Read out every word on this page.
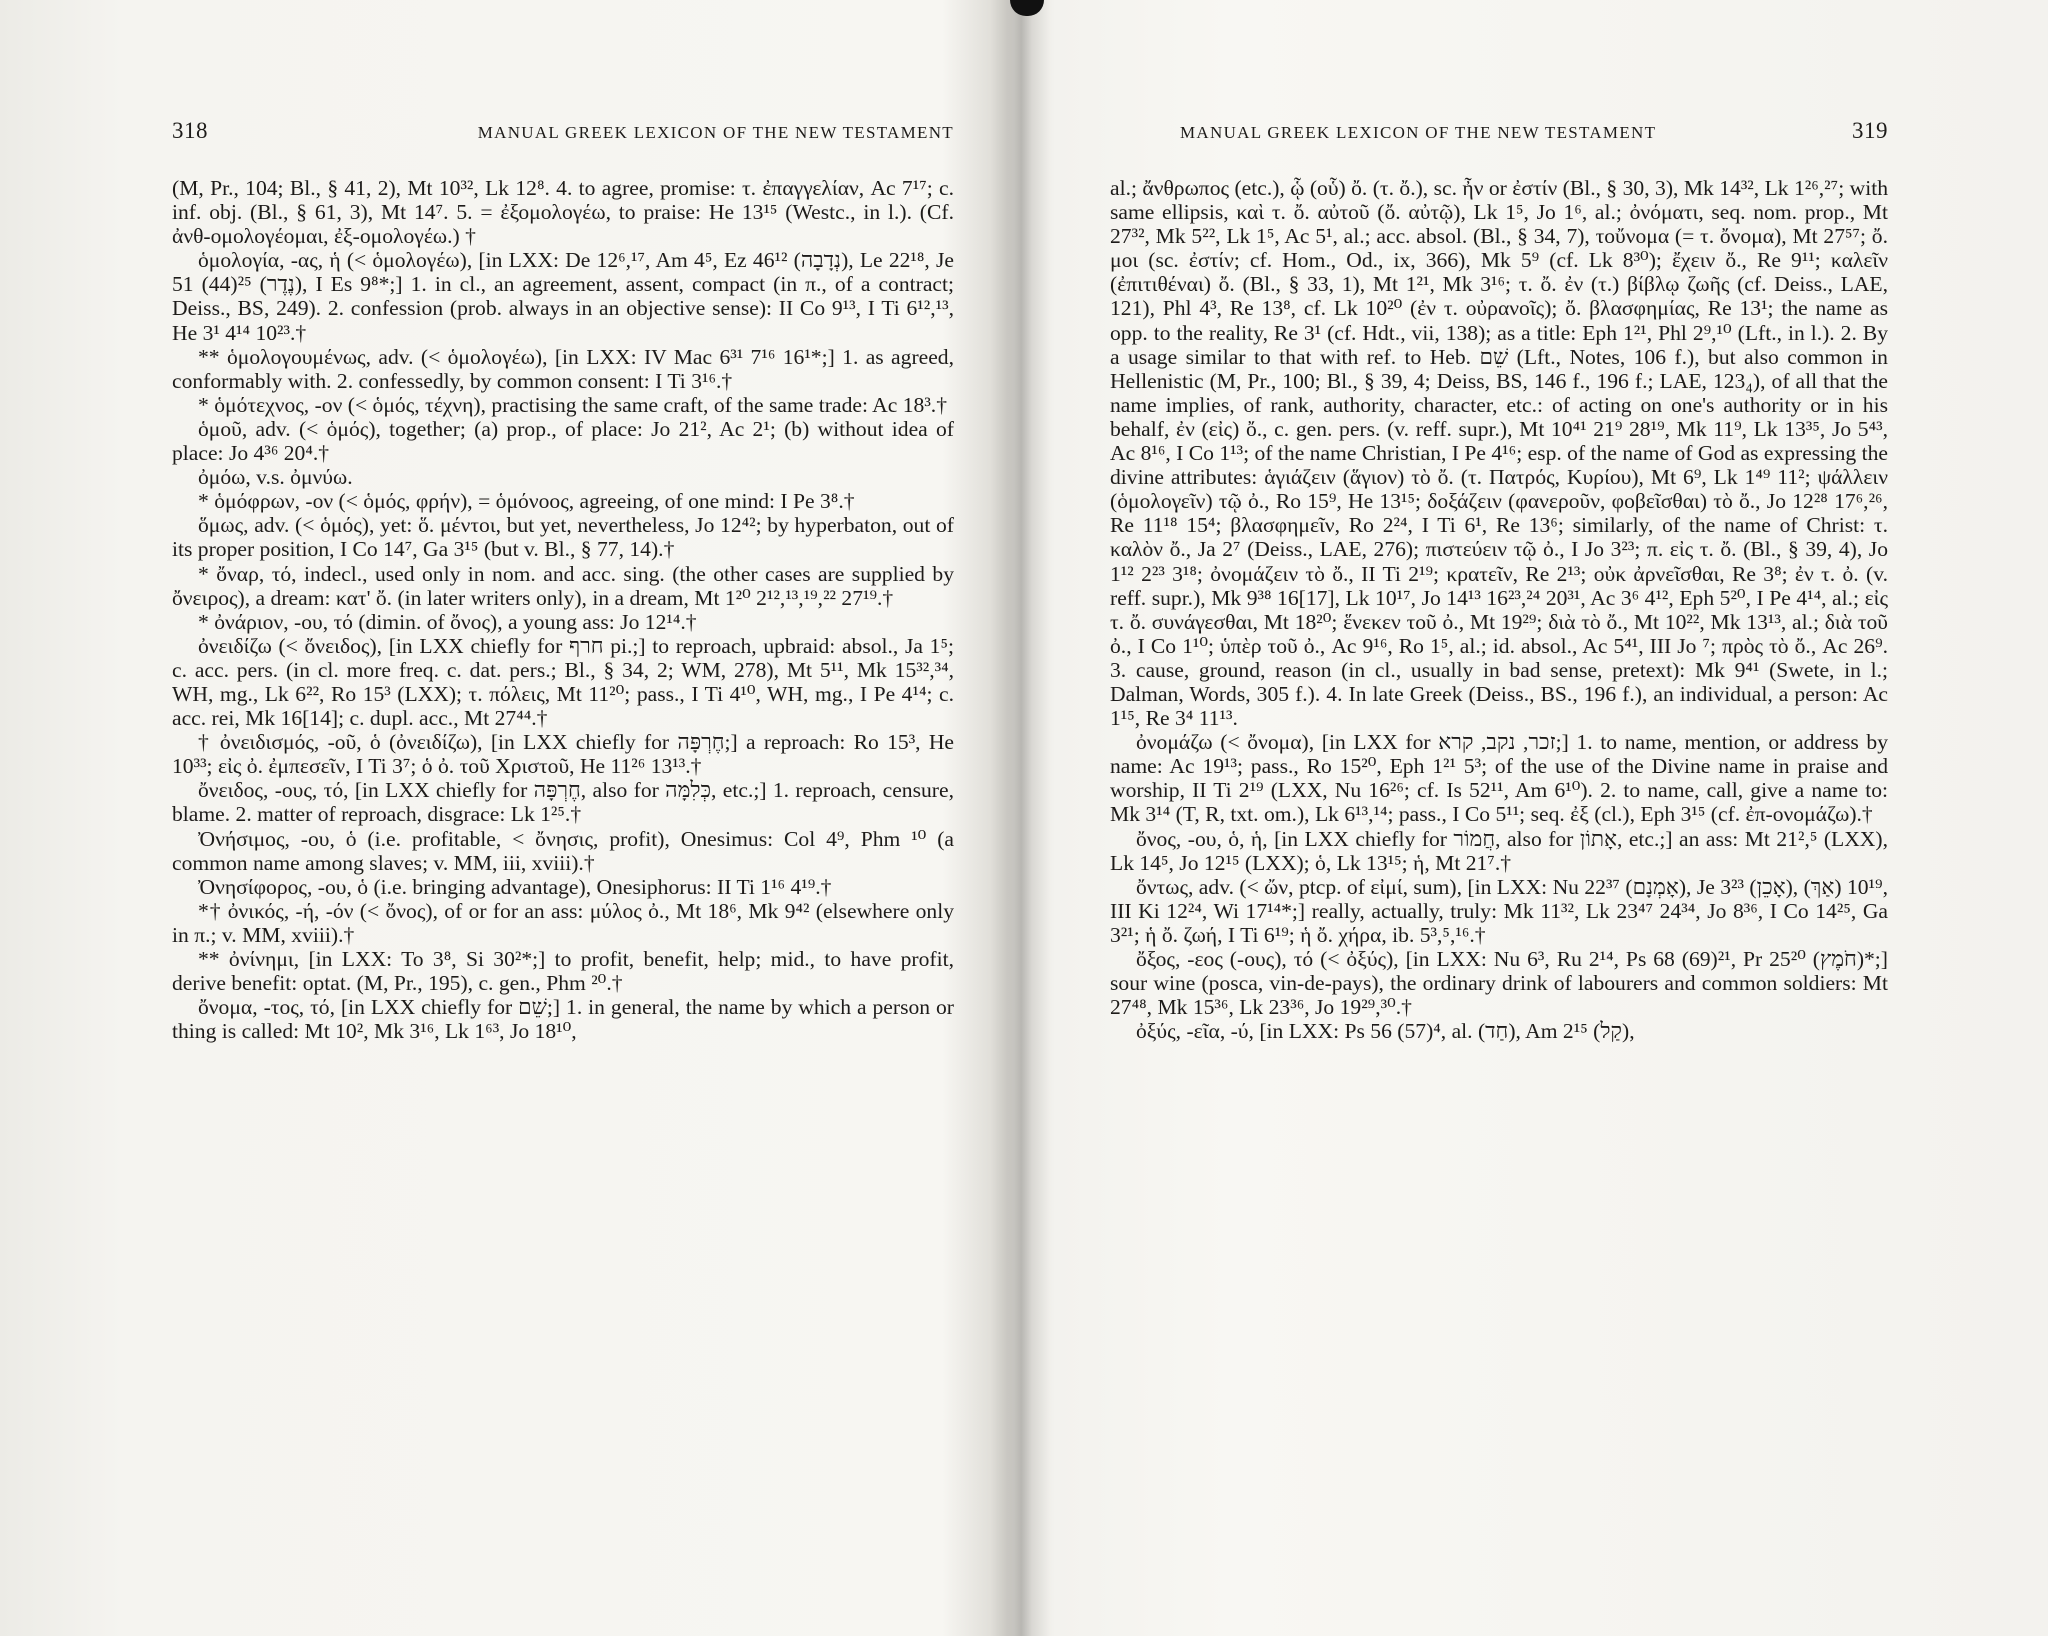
318	MANUAL GREEK LEXICON OF THE NEW TESTAMENT

(M, Pr., 104; Bl., § 41, 2), Mt 10³², Lk 12⁸. 4. to agree, promise: τ. ἐπαγγελίαν, Ac 7¹⁷; c. inf. obj. (Bl., § 61, 3), Mt 14⁷. 5. = ἐξομολογέω, to praise: He 13¹⁵ (Westc., in l.). (Cf. ἀνθ-ομολογέομαι, ἐξ-ομολογέω.) †

ὁμολογία, -ας, ἡ (< ὁμολογέω), [in LXX: De 12⁶,¹⁷, Am 4⁵, Ez 46¹² (נְדָבָה), Le 22¹⁸, Je 51 (44)²⁵ (נֶדֶר), I Es 9⁸*;] 1. in cl., an agreement, assent, compact (in π., of a contract; Deiss., BS, 249). 2. confession (prob. always in an objective sense): II Co 9¹³, I Ti 6¹²,¹³, He 3¹ 4¹⁴ 10²³.†

** ὁμολογουμένως, adv. (< ὁμολογέω), [in LXX: IV Mac 6³¹ 7¹⁶ 16¹*;] 1. as agreed, conformably with. 2. confessedly, by common consent: I Ti 3¹⁶.†

* ὁμότεχνος, -ον (< ὁμός, τέχνη), practising the same craft, of the same trade: Ac 18³.†

ὁμοῦ, adv. (< ὁμός), together; (a) prop., of place: Jo 21², Ac 2¹; (b) without idea of place: Jo 4³⁶ 20⁴.†

ὀμόω, v.s. ὀμνύω.

* ὁμόφρων, -ον (< ὁμός, φρήν), = ὁμόνοος, agreeing, of one mind: I Pe 3⁸.†

ὅμως, adv. (< ὁμός), yet: ὅ. μέντοι, but yet, nevertheless, Jo 12⁴²; by hyperbaton, out of its proper position, I Co 14⁷, Ga 3¹⁵ (but v. Bl., § 77, 14).†

* ὄναρ, τό, indecl., used only in nom. and acc. sing. (the other cases are supplied by ὄνειρος), a dream: κατ' ὄ. (in later writers only), in a dream, Mt 1²⁰ 2¹²,¹³,¹⁹,²² 27¹⁹.†

* ὀνάριον, -ου, τό (dimin. of ὄνος), a young ass: Jo 12¹⁴.†

ὀνειδίζω (< ὄνειδος), [in LXX chiefly for חרף pi.;] to reproach, upbraid: absol., Ja 1⁵; c. acc. pers. (in cl. more freq. c. dat. pers.; Bl., § 34, 2; WM, 278), Mt 5¹¹, Mk 15³²,³⁴, WH, mg., Lk 6²², Ro 15³ (LXX); τ. πόλεις, Mt 11²⁰; pass., I Ti 4¹⁰, WH, mg., I Pe 4¹⁴; c. acc. rei, Mk 16[14]; c. dupl. acc., Mt 27⁴⁴.†

† ὀνειδισμός, -οῦ, ὁ (ὀνειδίζω), [in LXX chiefly for חֶרְפָּה;] a reproach: Ro 15³, He 10³³; εἰς ὀ. ἐμπεσεῖν, I Ti 3⁷; ὁ ὀ. τοῦ Χριστοῦ, He 11²⁶ 13¹³.†

ὄνειδος, -ους, τό, [in LXX chiefly for חֶרְפָּה, also for כְּלִמָּה, etc.;] 1. reproach, censure, blame. 2. matter of reproach, disgrace: Lk 1²⁵.†

Ὀνήσιμος, -ου, ὁ (i.e. profitable, < ὄνησις, profit), Onesimus: Col 4⁹, Phm ¹⁰ (a common name among slaves; v. MM, iii, xviii).†

Ὀνησίφορος, -ου, ὁ (i.e. bringing advantage), Onesiphorus: II Ti 1¹⁶ 4¹⁹.†

*† ὀνικός, -ή, -όν (< ὄνος), of or for an ass: μύλος ὀ., Mt 18⁶, Mk 9⁴² (elsewhere only in π.; v. MM, xviii).†

** ὀνίνημι, [in LXX: To 3⁸, Si 30²*;] to profit, benefit, help; mid., to have profit, derive benefit: optat. (M, Pr., 195), c. gen., Phm ²⁰.†

ὄνομα, -τος, τό, [in LXX chiefly for שֵׁם;] 1. in general, the name by which a person or thing is called: Mt 10², Mk 3¹⁶, Lk 1⁶³, Jo 18¹⁰,

MANUAL GREEK LEXICON OF THE NEW TESTAMENT	319

al.; ἄνθρωπος (etc.), ᾧ (οὗ) ὄ. (τ. ὄ.), sc. ἦν or ἐστίν (Bl., § 30, 3), Mk 14³², Lk 1²⁶,²⁷; with same ellipsis, καὶ τ. ὄ. αὐτοῦ (ὄ. αὐτῷ), Lk 1⁵, Jo 1⁶, al.; ὀνόματι, seq. nom. prop., Mt 27³², Mk 5²², Lk 1⁵, Ac 5¹, al.; acc. absol. (Bl., § 34, 7), τοὔνομα (= τ. ὄνομα), Mt 27⁵⁷; ὄ. μοι (sc. ἐστίν; cf. Hom., Od., ix, 366), Mk 5⁹ (cf. Lk 8³⁰); ἔχειν ὄ., Re 9¹¹; καλεῖν (ἐπιτιθέναι) ὄ. (Bl., § 33, 1), Mt 1²¹, Mk 3¹⁶; τ. ὄ. ἐν (τ.) βίβλῳ ζωῆς (cf. Deiss., LAE, 121), Phl 4³, Re 13⁸, cf. Lk 10²⁰ (ἐν τ. οὐρανοῖς); ὄ. βλασφημίας, Re 13¹; the name as opp. to the reality, Re 3¹ (cf. Hdt., vii, 138); as a title: Eph 1²¹, Phl 2⁹,¹⁰ (Lft., in l.). 2. By a usage similar to that with ref. to Heb. שֵׁם (Lft., Notes, 106 f.), but also common in Hellenistic (M, Pr., 100; Bl., § 39, 4; Deiss, BS, 146 f., 196 f.; LAE, 123₄), of all that the name implies, of rank, authority, character, etc.: of acting on one's authority or in his behalf, ἐν (εἰς) ὄ., c. gen. pers. (v. reff. supr.), Mt 10⁴¹ 21⁹ 28¹⁹, Mk 11⁹, Lk 13³⁵, Jo 5⁴³, Ac 8¹⁶, I Co 1¹³; of the name Christian, I Pe 4¹⁶; esp. of the name of God as expressing the divine attributes: ἁγιάζειν (ἅγιον) τὸ ὄ. (τ. Πατρός, Κυρίου), Mt 6⁹, Lk 1⁴⁹ 11²; ψάλλειν (ὁμολογεῖν) τῷ ὀ., Ro 15⁹, He 13¹⁵; δοξάζειν (φανεροῦν, φοβεῖσθαι) τὸ ὄ., Jo 12²⁸ 17⁶,²⁶, Re 11¹⁸ 15⁴; βλασφημεῖν, Ro 2²⁴, I Ti 6¹, Re 13⁶; similarly, of the name of Christ: τ. καλὸν ὄ., Ja 2⁷ (Deiss., LAE, 276); πιστεύειν τῷ ὀ., I Jo 3²³; π. εἰς τ. ὄ. (Bl., § 39, 4), Jo 1¹² 2²³ 3¹⁸; ὀνομάζειν τὸ ὄ., II Ti 2¹⁹; κρατεῖν, Re 2¹³; οὐκ ἀρνεῖσθαι, Re 3⁸; ἐν τ. ὀ. (v. reff. supr.), Mk 9³⁸ 16[17], Lk 10¹⁷, Jo 14¹³ 16²³,²⁴ 20³¹, Ac 3⁶ 4¹², Eph 5²⁰, I Pe 4¹⁴, al.; εἰς τ. ὄ. συνάγεσθαι, Mt 18²⁰; ἕνεκεν τοῦ ὀ., Mt 19²⁹; διὰ τὸ ὄ., Mt 10²², Mk 13¹³, al.; διὰ τοῦ ὀ., I Co 1¹⁰; ὑπὲρ τοῦ ὀ., Ac 9¹⁶, Ro 1⁵, al.; id. absol., Ac 5⁴¹, III Jo ⁷; πρὸς τὸ ὄ., Ac 26⁹. 3. cause, ground, reason (in cl., usually in bad sense, pretext): Mk 9⁴¹ (Swete, in l.; Dalman, Words, 305 f.). 4. In late Greek (Deiss., BS., 196 f.), an individual, a person: Ac 1¹⁵, Re 3⁴ 11¹³.

ὀνομάζω (< ὄνομα), [in LXX for זכר, נקב, קרא;] 1. to name, mention, or address by name: Ac 19¹³; pass., Ro 15²⁰, Eph 1²¹ 5³; of the use of the Divine name in praise and worship, II Ti 2¹⁹ (LXX, Nu 16²⁶; cf. Is 52¹¹, Am 6¹⁰). 2. to name, call, give a name to: Mk 3¹⁴ (T, R, txt. om.), Lk 6¹³,¹⁴; pass., I Co 5¹¹; seq. ἐξ (cl.), Eph 3¹⁵ (cf. ἐπ-ονομάζω).†

ὄνος, -ου, ὁ, ἡ, [in LXX chiefly for חֲמוֹר, also for אָתוֹן, etc.;] an ass: Mt 21²,⁵ (LXX), Lk 14⁵, Jo 12¹⁵ (LXX); ὁ, Lk 13¹⁵; ἡ, Mt 21⁷.†

ὄντως, adv. (< ὤν, ptcp. of εἰμί, sum), [in LXX: Nu 22³⁷ (אָמְנָם), Je 3²³ (אָכֵן), 10¹⁹ (אַךְ), III Ki 12²⁴, Wi 17¹⁴*;] really, actually, truly: Mk 11³², Lk 23⁴⁷ 24³⁴, Jo 8³⁶, I Co 14²⁵, Ga 3²¹; ἡ ὄ. ζωή, I Ti 6¹⁹; ἡ ὄ. χήρα, ib. 5³,⁵,¹⁶.†

ὄξος, -εος (-ους), τό (< ὀξύς), [in LXX: Nu 6³, Ru 2¹⁴, Ps 68 (69)²¹, Pr 25²⁰ (חֹמֶץ)*;] sour wine (posca, vin-de-pays), the ordinary drink of labourers and common soldiers: Mt 27⁴⁸, Mk 15³⁶, Lk 23³⁶, Jo 19²⁹,³⁰.†

ὀξύς, -εῖα, -ύ, [in LXX: Ps 56 (57)⁴, al. (חַד), Am 2¹⁵ (קַל),
